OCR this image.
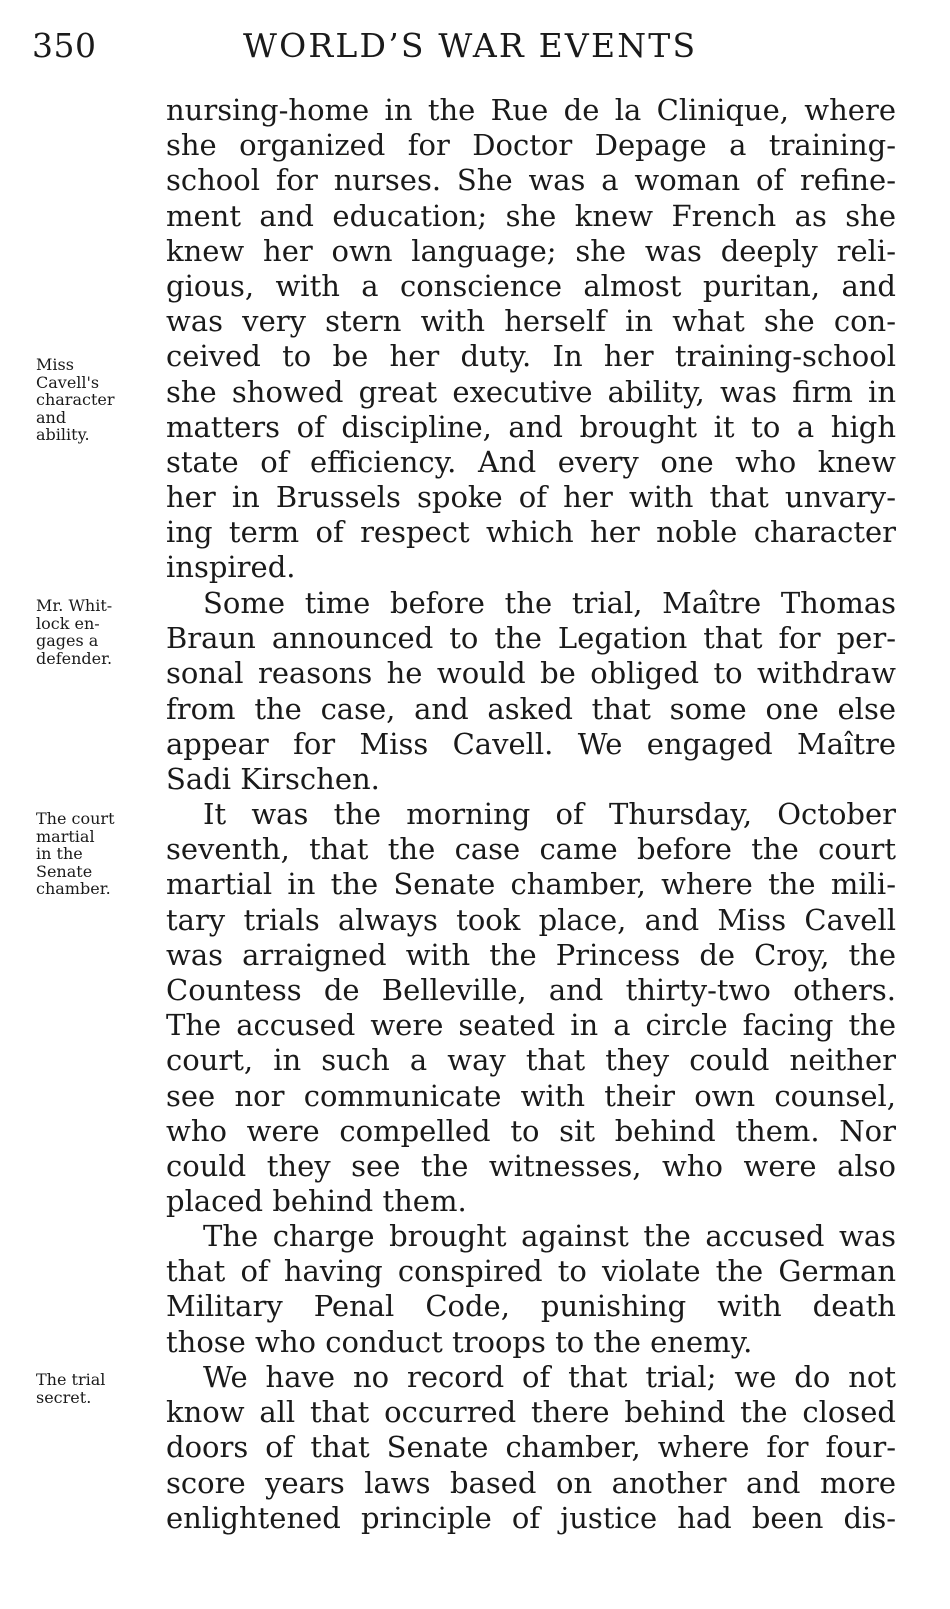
350	WORLD’S WAR EVENTS
nursing-home in the Rue de la Clinique, where
she organized for Doctor Depage a training-
school for nurses. She was a woman of refine-
ment and education; she knew French as she
knew her own language; she was deeply reli-
gious, with a conscience almost puritan, and
was very stern with herself in what she con-
ceived to be her duty. In her training-school
she showed great executive ability, was firm in
matters of discipline, and brought it to a high
state of efficiency. And every one who knew
her in Brussels spoke of her with that unvary-
ing term of respect which her noble character
inspired.
Some time before the trial, Maître Thomas
Braun announced to the Legation that for per-
sonal reasons he would be obliged to withdraw
from the case, and asked that some one else
appear for Miss Cavell. We engaged Maître
Sadi Kirschen.
It was the morning of Thursday, October
seventh, that the case came before the court
martial in the Senate chamber, where the mili-
tary trials always took place, and Miss Cavell
was arraigned with the Princess de Croy, the
Countess de Belleville, and thirty-two others.
The accused were seated in a circle facing the
court, in such a way that they could neither
see nor communicate with their own counsel,
who were compelled to sit behind them. Nor
could they see the witnesses, who were also
placed behind them.
The charge brought against the accused was
that of having conspired to violate the German
Military Penal Code, punishing with death
those who conduct troops to the enemy.
We have no record of that trial; we do not
know all that occurred there behind the closed
doors of that Senate chamber, where for four-
score years laws based on another and more
enlightened principle of justice had been dis-
Miss
Cavell's
character
and
ability.
Mr. Whit-
lock en-
gages a
defender.
The court
martial
in the
Senate
chamber.
The trial
secret.
